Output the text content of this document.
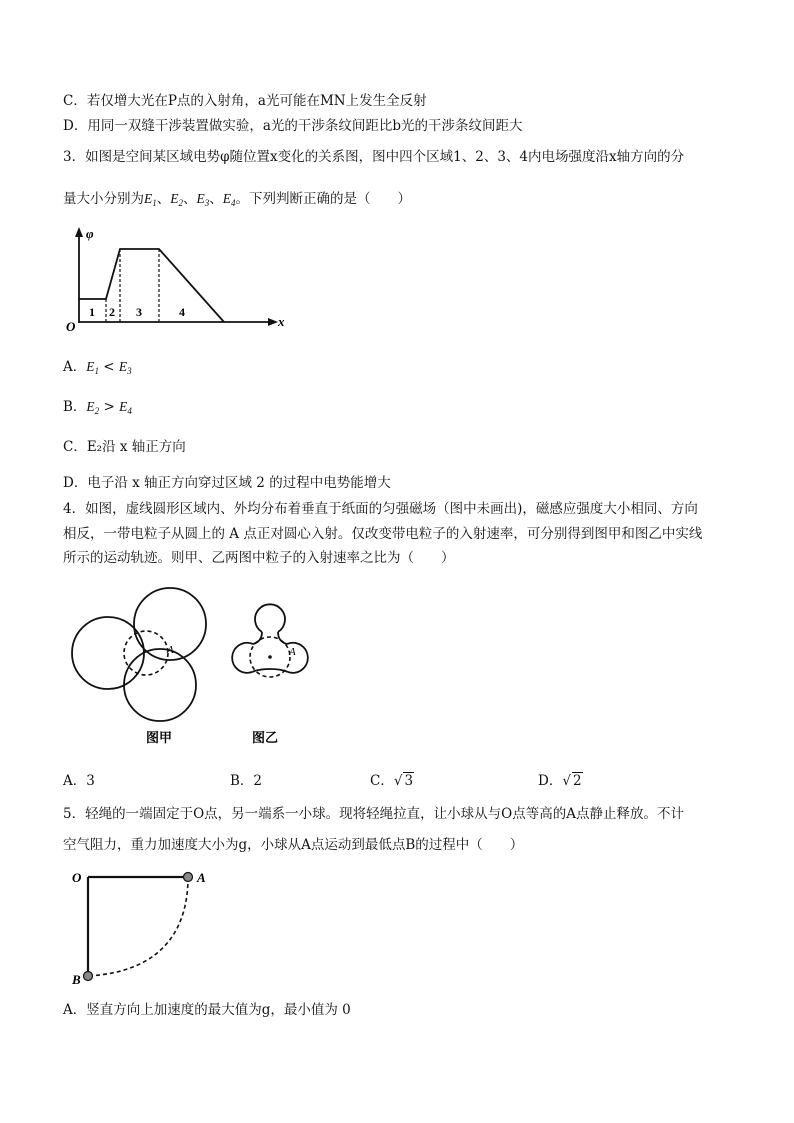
C．若仅增大光在P点的入射角，a光可能在MN上发生全反射
D．用同一双缝干涉装置做实验，a光的干涉条纹间距比b光的干涉条纹间距大
3．如图是空间某区域电势φ随位置x变化的关系图，图中四个区域1、2、3、4内电场强度沿x轴方向的分
量大小分别为$E_1$、$E_2$、$E_3$、$E_4$。下列判断正确的是（　　）
φ
x
O
1 2 3	4
A．$E_1 < E_3$
B．$E_2 > E_4$
C．E₂沿 x 轴正方向
D．电子沿 x 轴正方向穿过区域 2 的过程中电势能增大
4．如图，虚线圆形区域内、外均分布着垂直于纸面的匀强磁场（图中未画出)，磁感应强度大小相同、方向
相反，一带电粒子从圆上的 A 点正对圆心入射。仅改变带电粒子的入射速率，可分别得到图甲和图乙中实线
所示的运动轨迹。则甲、乙两图中粒子的入射速率之比为（　　）
A
图甲
A
图乙
A．3	B．2	C．√ 3	D．√ 2
5．轻绳的一端固定于O点，另一端系一小球。现将轻绳拉直，让小球从与O点等高的A点静止释放。不计
空气阻力，重力加速度大小为g，小球从A点运动到最低点B的过程中（　　）
O	A
B
A．竖直方向上加速度的最大值为g，最小值为 0
